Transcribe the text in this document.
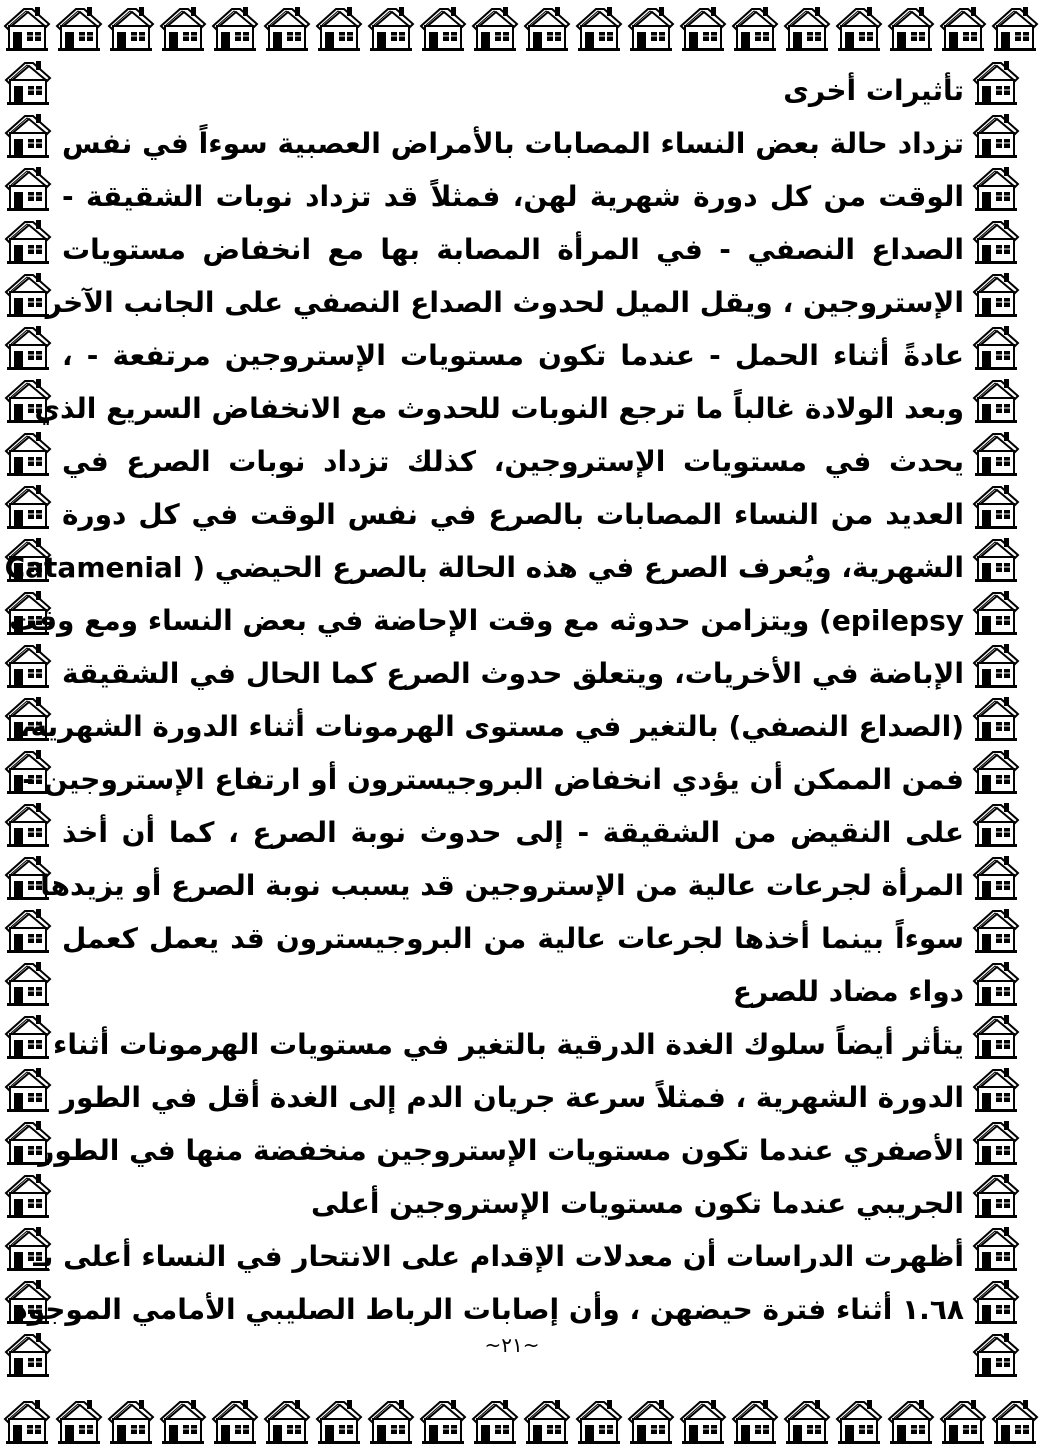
تأثيرات أخرى
تزداد حالة بعض النساء المصابات بالأمراض العصبية سوءاً في نفس
الوقت من كل دورة شهرية لهن، فمثلاً قد تزداد نوبات الشقيقة -
الصداع النصفي - في المرأة المصابة بها مع انخفاض مستويات
الإستروجين ، ويقل الميل لحدوث الصداع النصفي على الجانب الآخر
عادةً أثناء الحمل - عندما تكون مستويات الإستروجين مرتفعة - ،
وبعد الولادة غالباً ما ترجع النوبات للحدوث مع الانخفاض السريع الذي
يحدث في مستويات الإستروجين، كذلك تزداد نوبات الصرع في
العديد من النساء المصابات بالصرع في نفس الوقت في كل دورة
الشهرية، ويُعرف الصرع في هذه الحالة بالصرع الحيضي ( Catamenial
epilepsy) ويتزامن حدوثه مع وقت الإحاضة في بعض النساء ومع وقت
الإباضة في الأخريات، ويتعلق حدوث الصرع كما الحال في الشقيقة
(الصداع النصفي) بالتغير في مستوى الهرمونات أثناء الدورة الشهرية،
فمن الممكن أن يؤدي انخفاض البروجيسترون أو ارتفاع الإستروجين -
على النقيض من الشقيقة - إلى حدوث نوبة الصرع ، كما أن أخذ
المرأة لجرعات عالية من الإستروجين قد يسبب نوبة الصرع أو يزيدها
سوءاً بينما أخذها لجرعات عالية من البروجيسترون قد يعمل كعمل
دواء مضاد للصرع
يتأثر أيضاً سلوك الغدة الدرقية بالتغير في مستويات الهرمونات أثناء
الدورة الشهرية ، فمثلاً سرعة جريان الدم إلى الغدة أقل في الطور
الأصفري عندما تكون مستويات الإستروجين منخفضة منها في الطور
الجريبي عندما تكون مستويات الإستروجين أعلى
أظهرت الدراسات أن معدلات الإقدام على الانتحار في النساء أعلى بـ
١.٦٨ أثناء فترة حيضهن ، وأن إصابات الرباط الصليبي الأمامي الموجود
~٢١~
